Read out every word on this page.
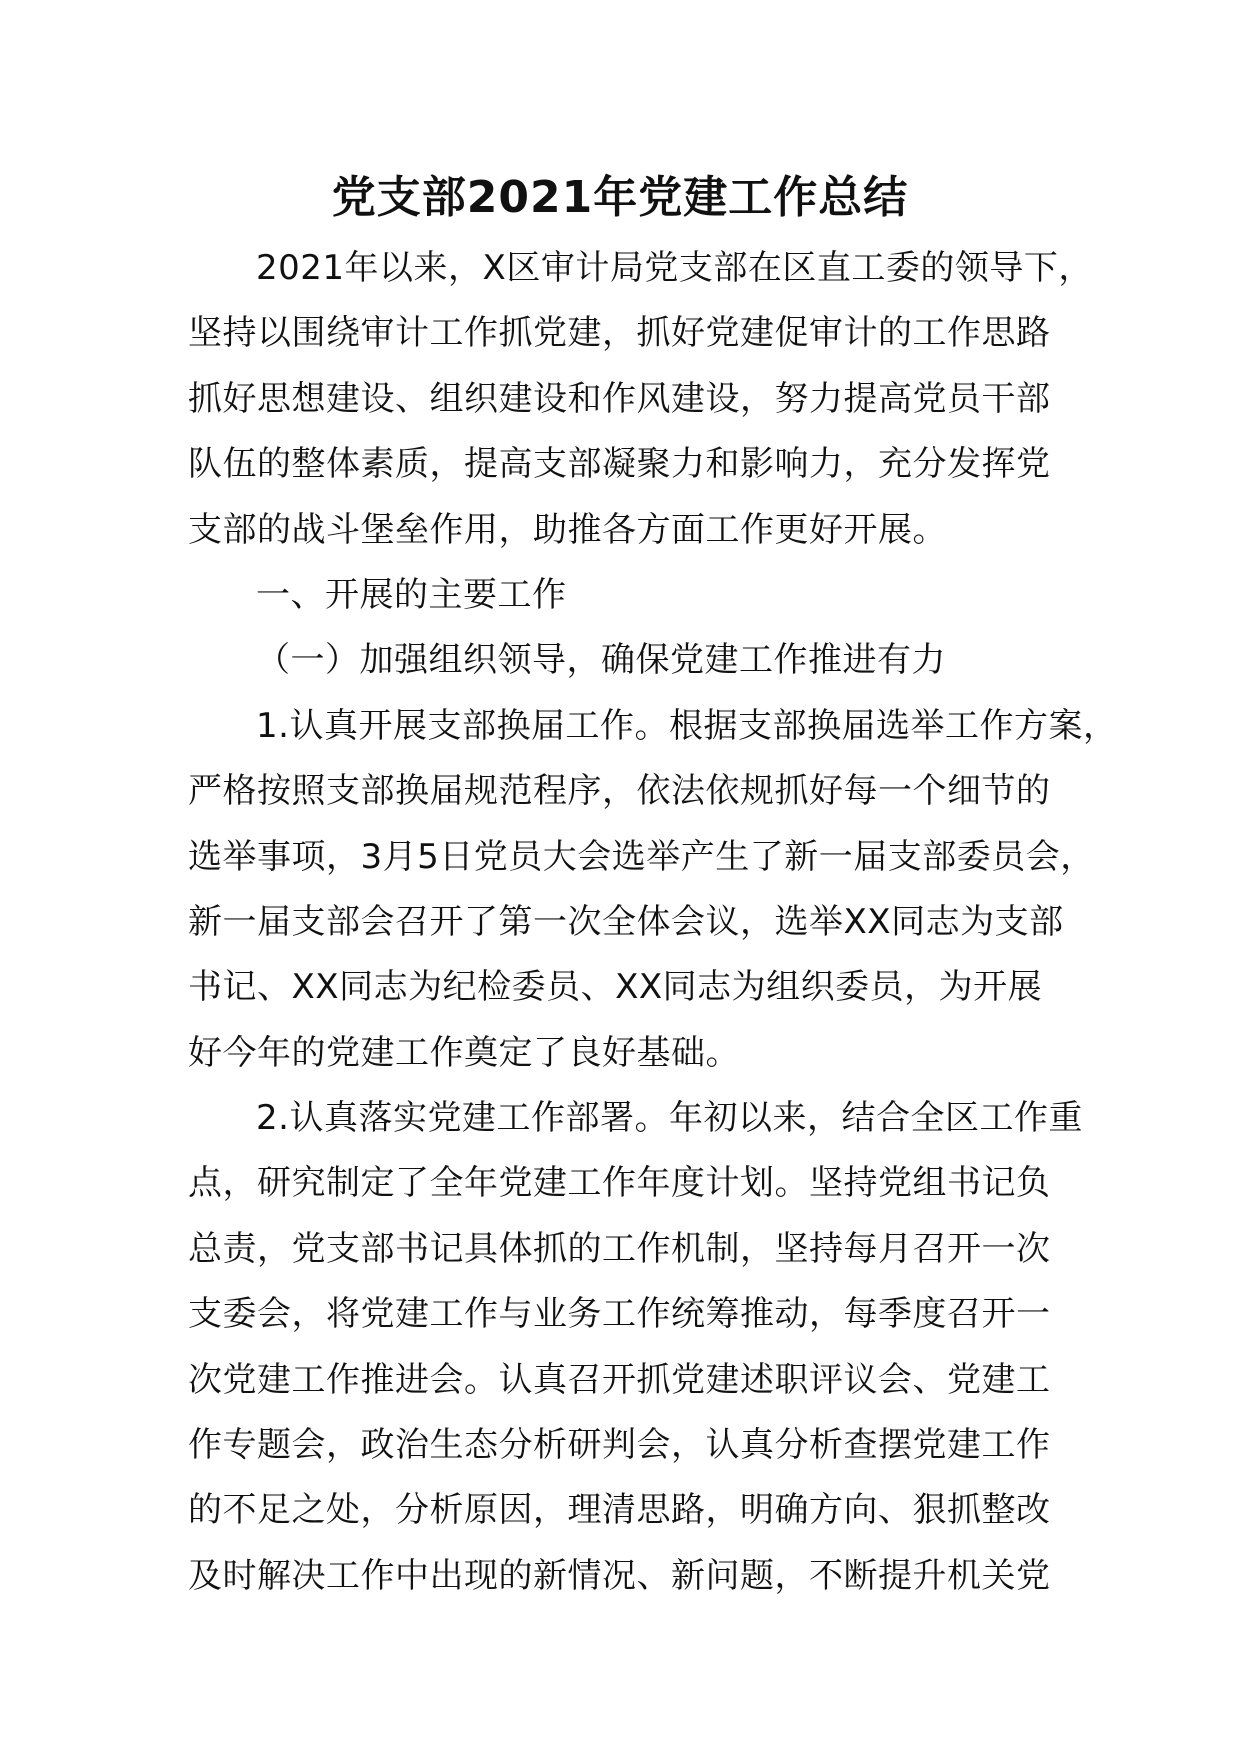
党支部2021年党建工作总结
2021年以来，X区审计局党支部在区直工委的领导下，
坚持以围绕审计工作抓党建，抓好党建促审计的工作思路
抓好思想建设、组织建设和作风建设，努力提高党员干部
队伍的整体素质，提高支部凝聚力和影响力，充分发挥党
支部的战斗堡垒作用，助推各方面工作更好开展。
一、开展的主要工作
（一）加强组织领导，确保党建工作推进有力
1.认真开展支部换届工作。根据支部换届选举工作方案，
严格按照支部换届规范程序，依法依规抓好每一个细节的
选举事项，3月5日党员大会选举产生了新一届支部委员会，
新一届支部会召开了第一次全体会议，选举XX同志为支部
书记、XX同志为纪检委员、XX同志为组织委员，为开展
好今年的党建工作奠定了良好基础。
2.认真落实党建工作部署。年初以来，结合全区工作重
点，研究制定了全年党建工作年度计划。坚持党组书记负
总责，党支部书记具体抓的工作机制，坚持每月召开一次
支委会，将党建工作与业务工作统筹推动，每季度召开一
次党建工作推进会。认真召开抓党建述职评议会、党建工
作专题会，政治生态分析研判会，认真分析查摆党建工作
的不足之处，分析原因，理清思路，明确方向、狠抓整改
及时解决工作中出现的新情况、新问题，不断提升机关党
